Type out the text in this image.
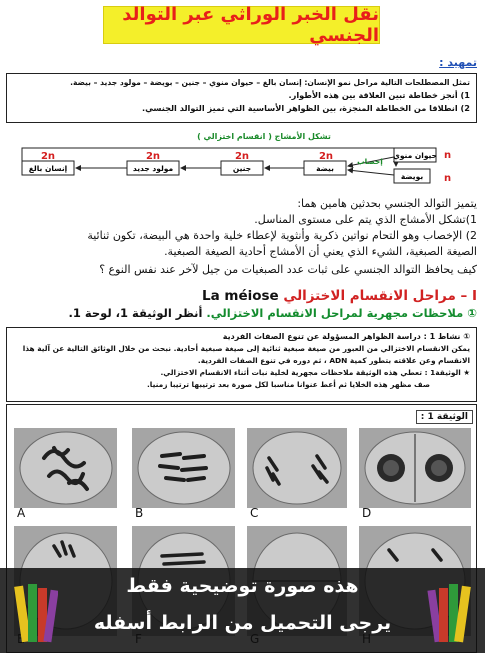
نقل الخبر الوراثي عبر التوالد الجنسي
تمهيد :
تمثل المصطلحات التالية مراحل نمو الإنسان: إنسان بالغ – حيوان منوي – جنين – بويضة – مولود جديد – بيضة.
1) أنجز خطاطة تبين العلاقة بين هذه الأطوار.
2) انطلاقا من الخطاطة المنجزة، بين الظواهر الأساسية التي تميز التوالد الجنسي.
تشكل الأمشاج ( انقسام اختزالي )
حيوان منوي
بويضة
بيضة
جنين
مولود جديد
إنسان بالغ
إخصاب
n
n
2n
2n
2n
2n
يتميز التوالد الجنسي بحدثين هامين هما:
1)تشكل الأمشاج الذي يتم على مستوى المناسل.
2) الإخصاب وهو التحام نواتين ذكرية وأنثوية لإعطاء خلية واحدة هي البيضة، تكون ثنائية
الصيغة الصبغية، الشيء الذي يعني أن الأمشاج أحادية الصيغة الصبغية.
كيف يحافظ التوالد الجنسي على ثبات عدد الصبغيات من جيل لآخر عند نفس النوع ؟
I – مراحل الانقسام الاختزالي La méiose
① ملاحظات مجهرية لمراحل الانقسام الاختزالي. أنظر الوثيقة 1، لوحة 1.
① نشاط 1 : دراسة الظواهر المسؤولة عن تنوع الصفات الفردية
يمكن الانقسام الاختزالي من العبور من صيغة صبغية ثنائية إلى صيغة صبغية أحادية. نبحث من خلال الوثائق التالية عن آلية هذا
الانقسام وعن علاقته بتطور كمية ADN ، ثم دوره في تنوع الصفات الفردية.
★ الوثيقة1 : تعطي هذه الوثيقة ملاحظات مجهرية لخلية نبات أثناء الانقسام الاختزالي.
صف مظهر هذه الخلايا ثم أعط عنوانا مناسبا لكل صورة بعد ترتيبها ترتيبا زمنيا.
الوثيقة 1 :
A	B	C	D
هذه صورة توضيحية فقط
يرجى التحميل من الرابط أسفله
